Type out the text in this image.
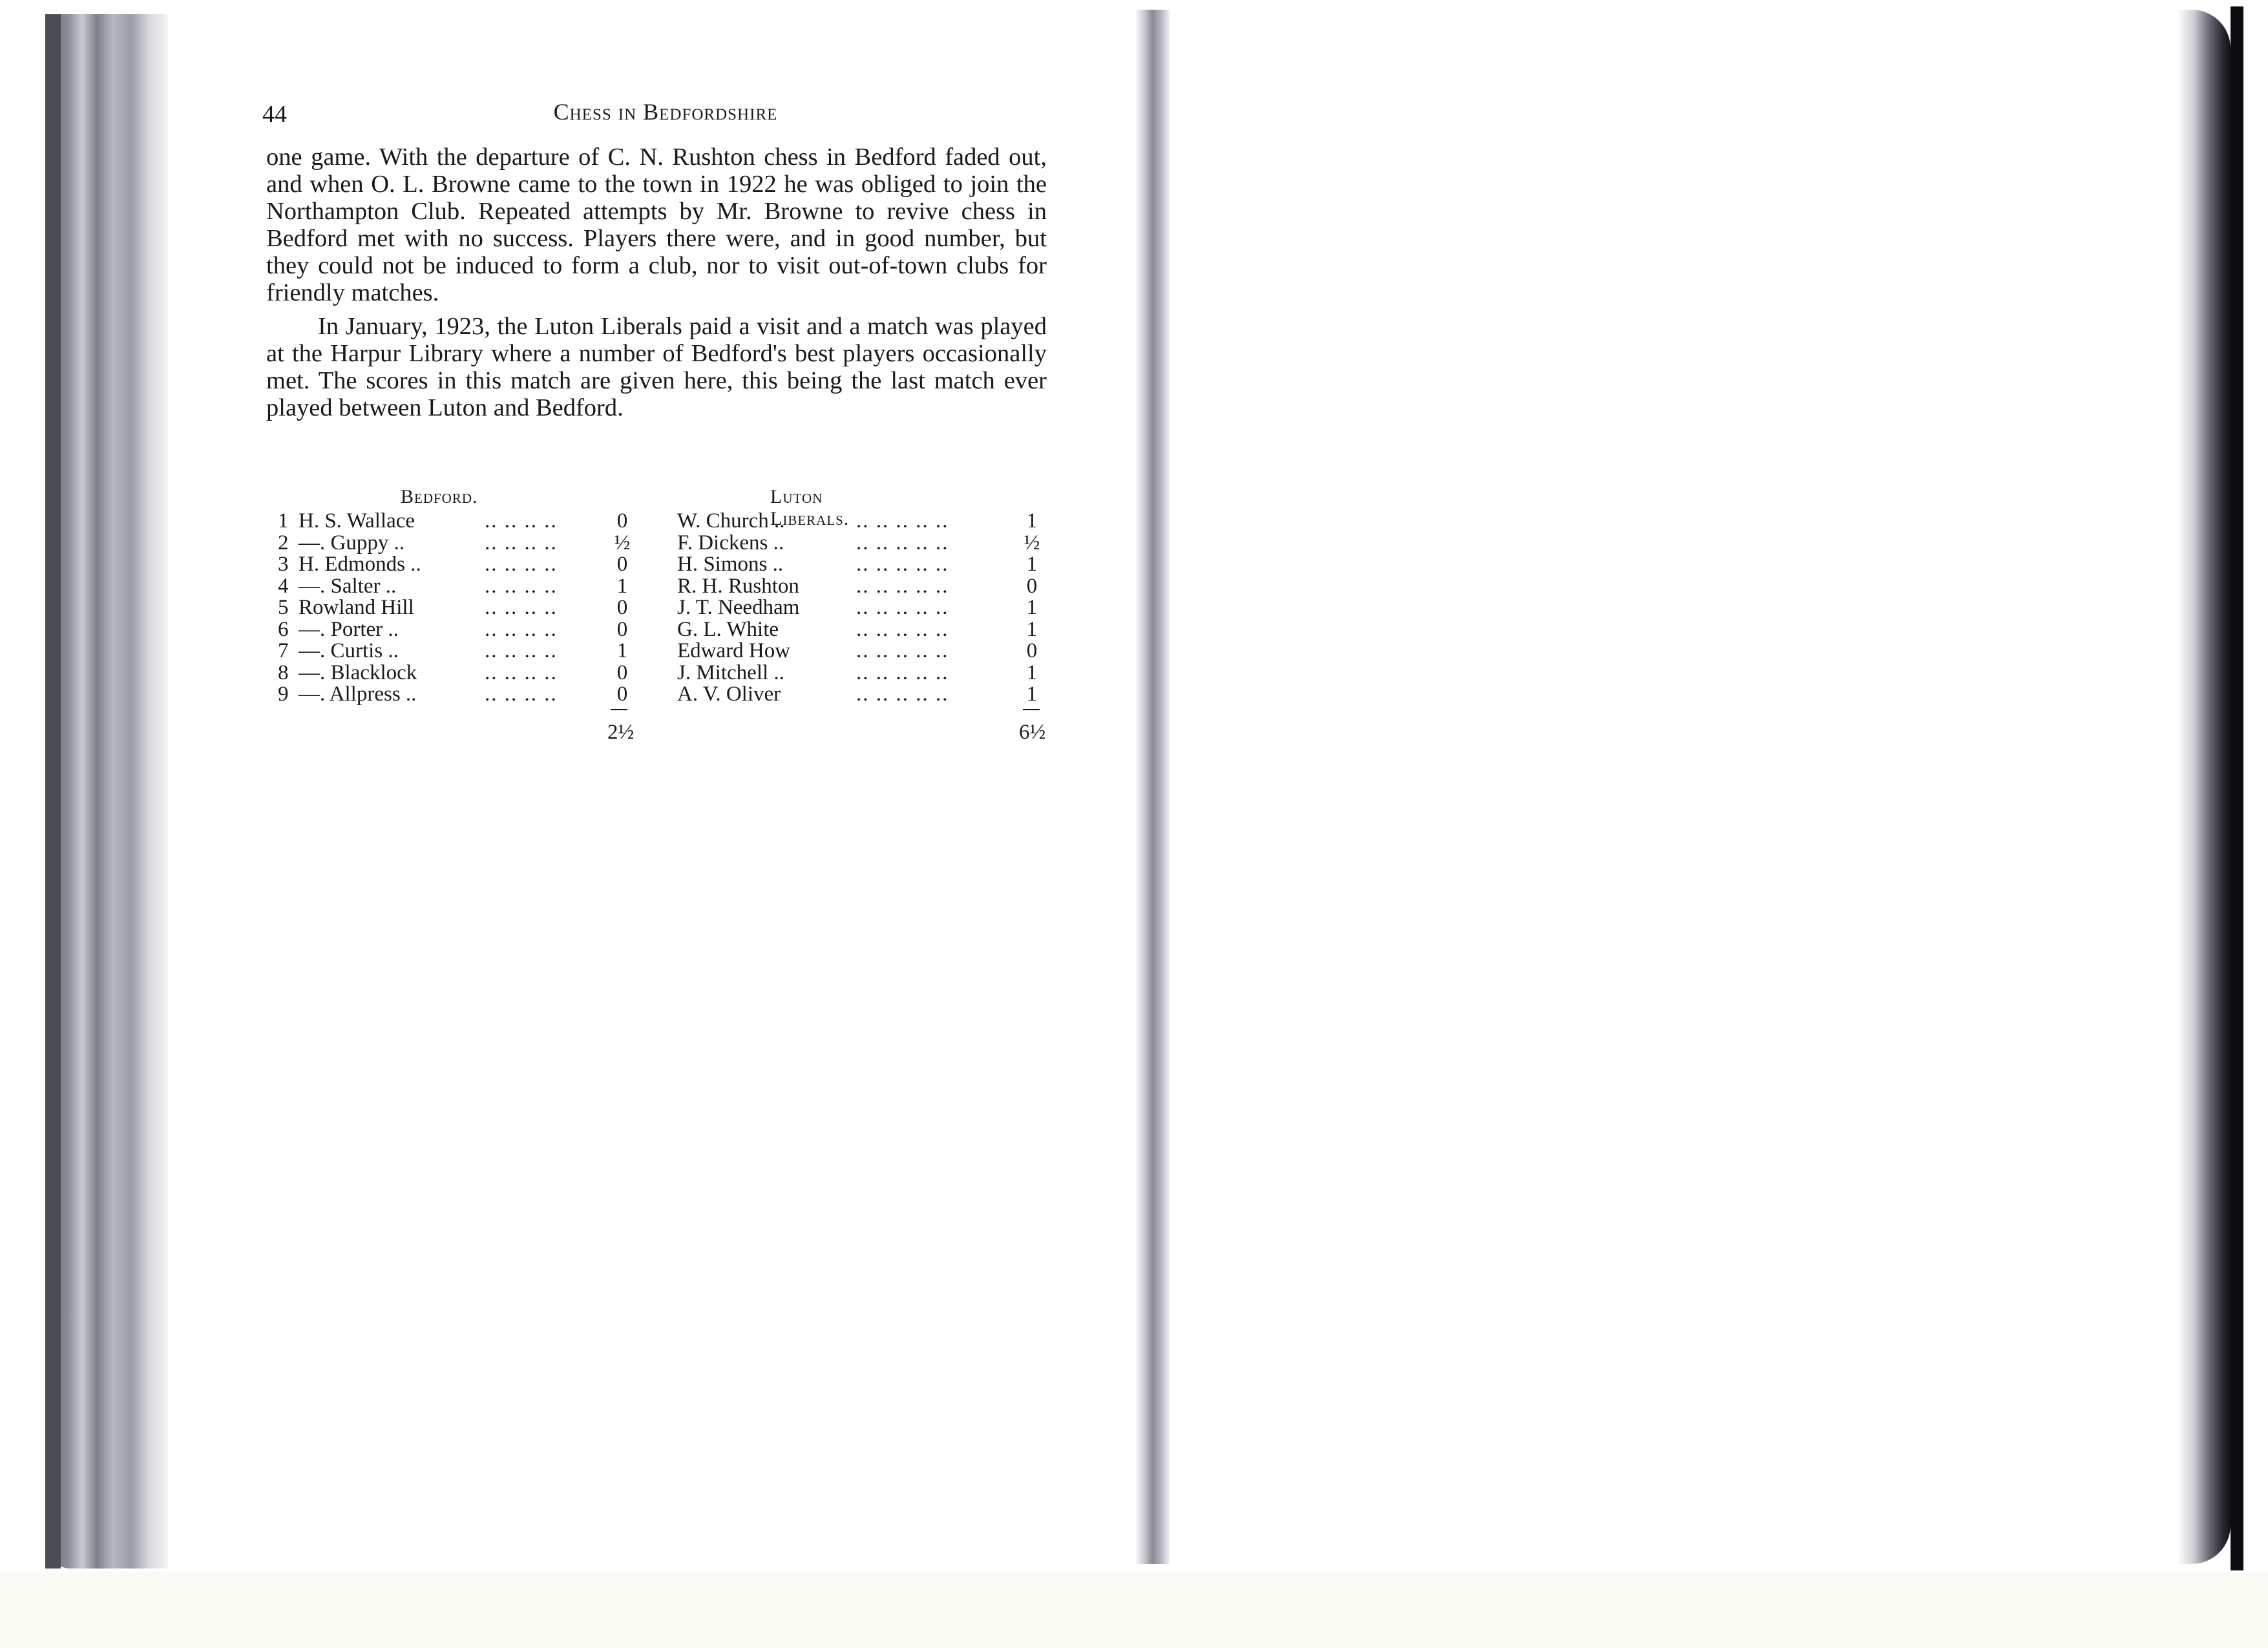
44	Chess in Bedfordshire

one game. With the departure of C. N. Rushton chess in Bedford faded out, and when O. L. Browne came to the town in 1922 he was obliged to join the Northampton Club. Repeated attempts by Mr. Browne to revive chess in Bedford met with no success. Players there were, and in good number, but they could not be induced to form a club, nor to visit out-of-town clubs for friendly matches.

In January, 1923, the Luton Liberals paid a visit and a match was played at the Harpur Library where a number of Bedford's best players occasionally met. The scores in this match are given here, this being the last match ever played between Luton and Bedford.

Bedford.	Luton Liberals.
1 H. S. Wallace	.. .. .. ..	0 W. Church ..	.. .. .. .. ..	1
2 —. Guppy ..	.. .. .. ..	½ F. Dickens ..	.. .. .. .. ..	½
3 H. Edmonds ..	.. .. .. ..	0 H. Simons ..	.. .. .. .. ..	1
4 —. Salter ..	.. .. .. ..	1 R. H. Rushton	.. .. .. .. ..	0
5 Rowland Hill	.. .. .. ..	0 J. T. Needham	.. .. .. .. ..	1
6 —. Porter ..	.. .. .. ..	0 G. L. White	.. .. .. .. ..	1
7 —. Curtis ..	.. .. .. ..	1 Edward How	.. .. .. .. ..	0
8 —. Blacklock	.. .. .. ..	0 J. Mitchell ..	.. .. .. .. ..	1
9 —. Allpress ..	.. .. .. ..	0 A. V. Oliver	.. .. .. .. ..	1
2½	6½
